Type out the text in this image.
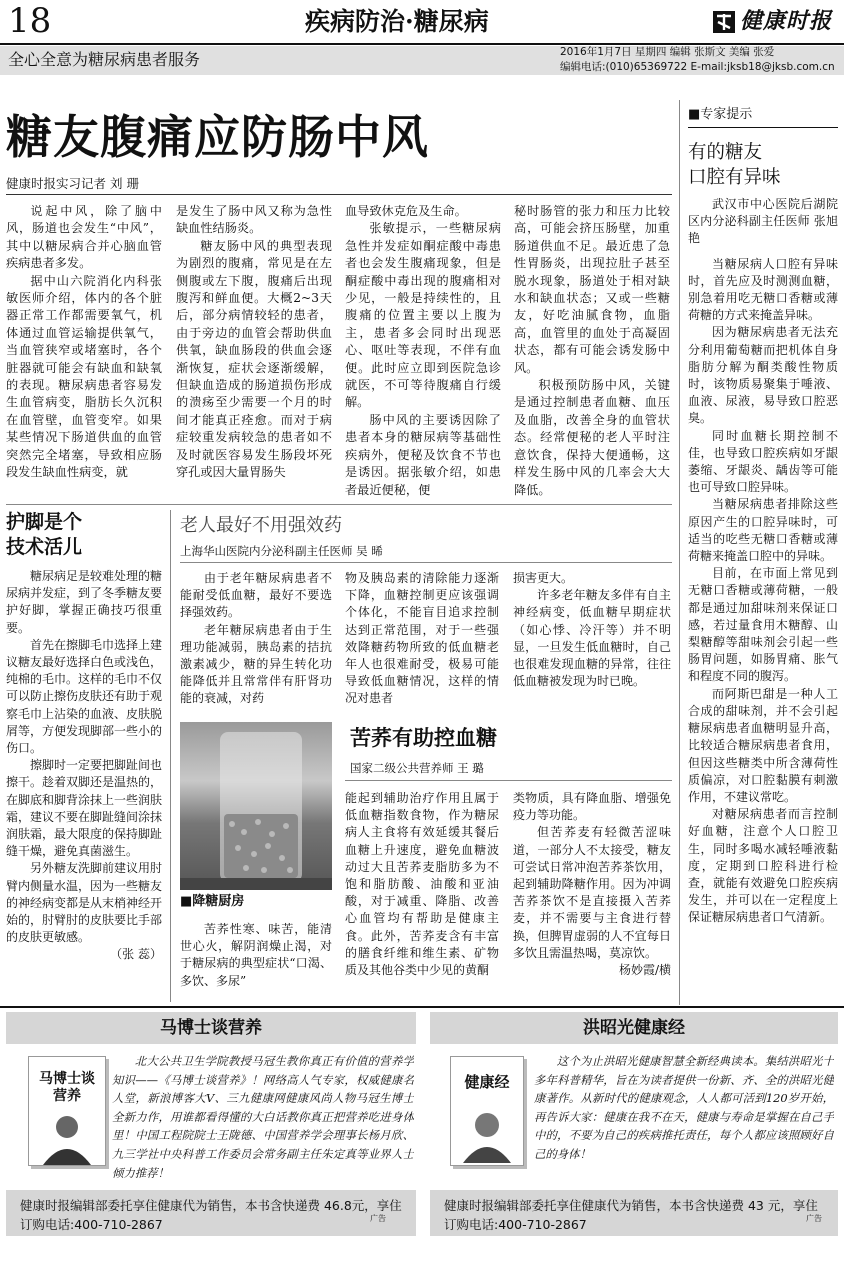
18	疾病防治·糖尿病	健康时报
全心全意为糖尿病患者服务	2016年1月7日 星期四 编辑 张斯文 美编 张爱
编辑电话:(010)65369722 E-mail:jksb18@jksb.com.cn
糖友腹痛应防肠中风
健康时报实习记者 刘 珊

说起中风，除了脑中风，肠道也会发生“中风”，其中以糖尿病合并心脑血管疾病患者多发。

据中山六院消化内科张敏医师介绍，体内的各个脏器正常工作都需要氧气，机体通过血管运输提供氧气，当血管狭窄或堵塞时，各个脏器就可能会有缺血和缺氧的表现。糖尿病患者容易发生血管病变，脂肪长久沉积在血管壁，血管变窄。如果某些情况下肠道供血的血管突然完全堵塞，导致相应肠段发生缺血性病变，就

是发生了肠中风又称为急性缺血性结肠炎。

糖友肠中风的典型表现为剧烈的腹痛，常见是在左侧腹或左下腹，腹痛后出现腹泻和鲜血便。大概2~3天后，部分病情较轻的患者，由于旁边的血管会帮助供血供氧，缺血肠段的供血会逐渐恢复，症状会逐渐缓解，但缺血造成的肠道损伤形成的溃疡至少需要一个月的时间才能真正痊愈。而对于病症较重发病较急的患者如不及时就医容易发生肠段坏死穿孔或因大量胃肠失

血导致休克危及生命。

张敏提示，一些糖尿病急性并发症如酮症酸中毒患者也会发生腹痛现象，但是酮症酸中毒出现的腹痛相对少见，一般是持续性的，且腹痛的位置主要以上腹为主，患者多会同时出现恶心、呕吐等表现，不伴有血便。此时应立即到医院急诊就医，不可等待腹痛自行缓解。

肠中风的主要诱因除了患者本身的糖尿病等基础性疾病外，便秘及饮食不节也是诱因。据张敏介绍，如患者最近便秘，便

秘时肠管的张力和压力比较高，可能会挤压肠壁，加重肠道供血不足。最近患了急性胃肠炎，出现拉肚子甚至脱水现象，肠道处于相对缺水和缺血状态；又或一些糖友，好吃油腻食物，血脂高，血管里的血处于高凝固状态，都有可能会诱发肠中风。

积极预防肠中风，关键是通过控制患者血糖、血压及血脂，改善全身的血管状态。经常便秘的老人平时注意饮食，保持大便通畅，这样发生肠中风的几率会大大降低。

■专家提示
有的糖友
口腔有异味

武汉市中心医院后湖院区内分泌科副主任医师 张旭艳

当糖尿病人口腔有异味时，首先应及时测测血糖，别急着用吃无糖口香糖或薄荷糖的方式来掩盖异味。

因为糖尿病患者无法充分利用葡萄糖而把机体自身脂肪分解为酮类酸性物质时，该物质易聚集于唾液、血液、尿液，易导致口腔恶臭。

同时血糖长期控制不佳，也导致口腔疾病如牙龈萎缩、牙龈炎、龋齿等可能也可导致口腔异味。

当糖尿病患者排除这些原因产生的口腔异味时，可适当的吃些无糖口香糖或薄荷糖来掩盖口腔中的异味。

目前，在市面上常见到无糖口香糖或薄荷糖，一般都是通过加甜味剂来保证口感，若过量食用木糖醇、山梨糖醇等甜味剂会引起一些肠胃问题，如肠胃痛、胀气和程度不同的腹泻。

而阿斯巴甜是一种人工合成的甜味剂，并不会引起糖尿病患者血糖明显升高，比较适合糖尿病患者食用，但因这些糖类中所含薄荷性质偏凉，对口腔黏膜有刺激作用，不建议常吃。

对糖尿病患者而言控制好血糖，注意个人口腔卫生，同时多喝水减轻唾液黏度，定期到口腔科进行检查，就能有效避免口腔疾病发生，并可以在一定程度上保证糖尿病患者口气清新。

护脚是个
技术活儿

糖尿病足是较难处理的糖尿病并发症，到了冬季糖友要护好脚，掌握正确技巧很重要。

首先在擦脚毛巾选择上建议糖友最好选择白色或浅色，纯棉的毛巾。这样的毛巾不仅可以防止擦伤皮肤还有助于观察毛巾上沾染的血液、皮肤脱屑等，方便发现脚部一些小的伤口。

擦脚时一定要把脚趾间也擦干。趁着双脚还是温热的，在脚底和脚背涂抹上一些润肤霜，建议不要在脚趾缝间涂抹润肤霜，最大限度的保持脚趾缝干燥，避免真菌滋生。

另外糖友洗脚前建议用肘臂内侧量水温，因为一些糖友的神经病变都是从末梢神经开始的，肘臂肘的皮肤要比手部的皮肤更敏感。

（张 蕊）

老人最好不用强效药
上海华山医院内分泌科副主任医师 吴 晞

由于老年糖尿病患者不能耐受低血糖，最好不要选择强效药。

老年糖尿病患者由于生理功能减弱，胰岛素的拮抗激素减少，糖的异生转化功能降低并且常常伴有肝肾功能的衰减，对药

物及胰岛素的清除能力逐渐下降，血糖控制更应该强调个体化，不能盲目追求控制达到正常范围，对于一些强效降糖药物所致的低血糖老年人也很难耐受，极易可能导致低血糖情况，这样的情况对患者

损害更大。

许多老年糖友多伴有自主神经病变，低血糖早期症状（如心悸、冷汗等）并不明显，一旦发生低血糖时，自己也很难发现血糖的异常，往往低血糖被发现为时已晚。

■降糖厨房

苦荞性寒、味苦，能清世心火，解阴润燥止渴，对于糖尿病的典型症状“口渴、多饮、多尿”

苦荞有助控血糖
国家二级公共营养师 王 璐

能起到辅助治疗作用且属于低血糖指数食物，作为糖尿病人主食将有效延缓其餐后血糖上升速度，避免血糖波动过大且苦荞麦脂肪多为不饱和脂肪酸、油酸和亚油酸，对于减重、降脂、改善心血管均有帮助是健康主食。此外，苦荞麦含有丰富的膳食纤维和维生素、矿物质及其他谷类中少见的黄酮

类物质，具有降血脂、增强免疫力等功能。

但苦荞麦有轻微苦涩味道，一部分人不太接受，糖友可尝试日常冲泡苦荞茶饮用，起到辅助降糖作用。因为冲调苦荞茶饮不是直接摄入苦荞麦，并不需要与主食进行替换，但脾胃虚弱的人不宜每日多饮且需温热喝，莫凉饮。

杨妙霞/横

马博士谈营养
马博士谈营养
北大公共卫生学院教授马冠生教你真正有价值的营养学知识——《马博士谈营养》！网络高人气专家，权威健康名人堂，新浪博客大V、三九健康网健康风尚人物马冠生博士全新力作，用谁都看得懂的大白话教你真正把营养吃进身体里！中国工程院院士王陇德、中国营养学会理事长杨月欣、九三学社中央科普工作委员会常务副主任朱定真等业界人士倾力推荐！
健康时报编辑部委托享住健康代为销售，本书含快递费 46.8元，享住订购电话:400-710-2867	广告
洪昭光健康经
健康经
这个为止洪昭光健康智慧全新经典读本。集结洪昭光十多年科普精华，旨在为读者提供一份新、齐、全的洪昭光健康著作。从新时代的健康观念，人人都可活到120岁开始，再告诉大家：健康在我不在天，健康与寿命是掌握在自己手中的，不要为自己的疾病推托责任，每个人都应该照顾好自己的身体！
健康时报编辑部委托享住健康代为销售，本书含快递费 43 元，享住订购电话:400-710-2867	广告
